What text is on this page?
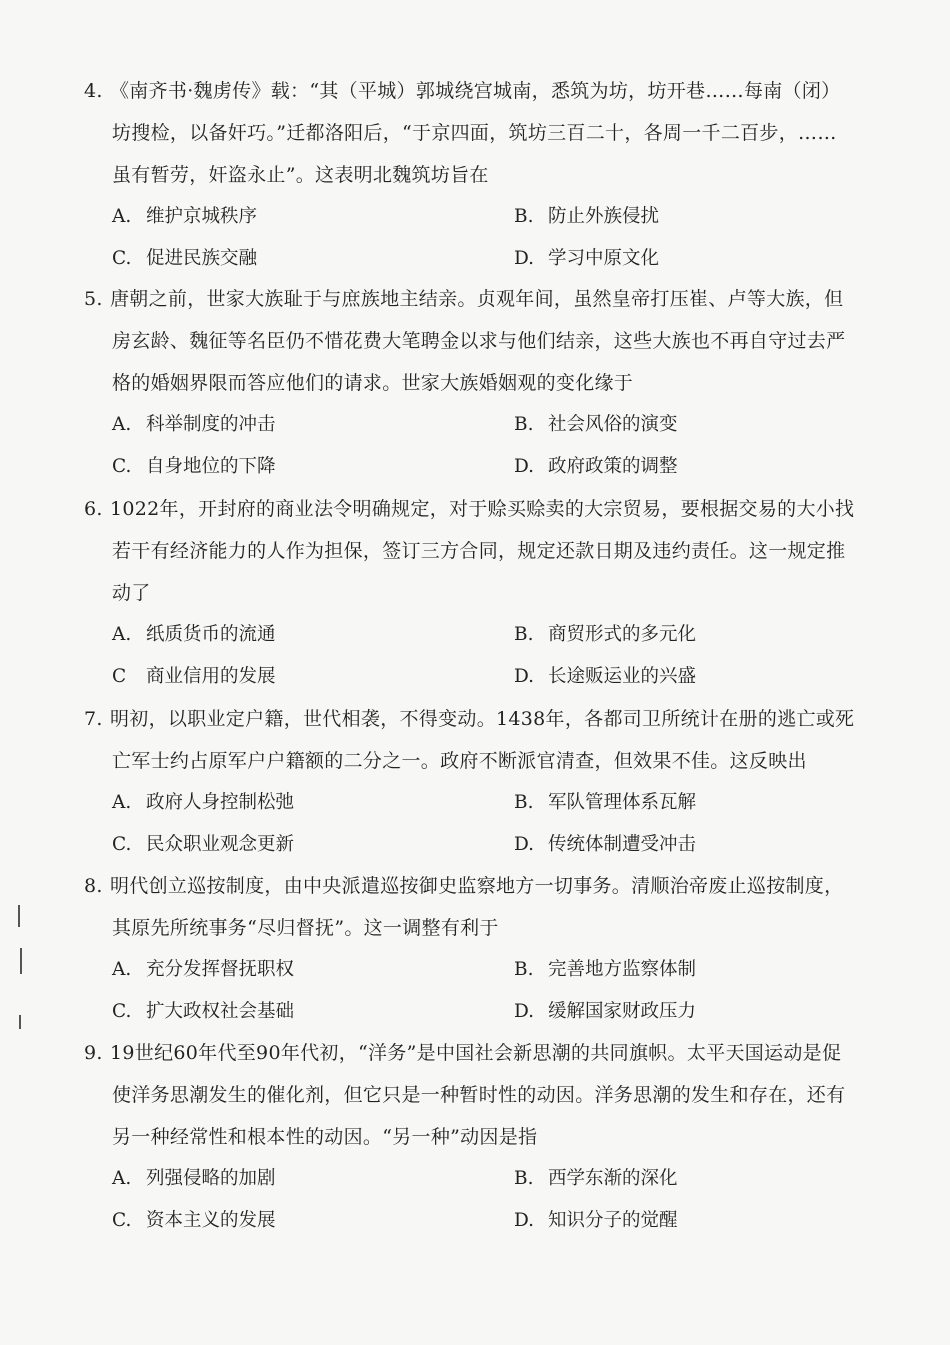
4. 《南齐书·魏虏传》载：“其（平城）郭城绕宫城南，悉筑为坊，坊开巷……每南（闭）
坊搜检，以备奸巧。”迁都洛阳后，“于京四面，筑坊三百二十，各周一千二百步，……
虽有暂劳，奸盗永止”。这表明北魏筑坊旨在
A. 维护京城秩序	B. 防止外族侵扰
C. 促进民族交融	D. 学习中原文化
5. 唐朝之前，世家大族耻于与庶族地主结亲。贞观年间，虽然皇帝打压崔、卢等大族，但
房玄龄、魏征等名臣仍不惜花费大笔聘金以求与他们结亲，这些大族也不再自守过去严
格的婚姻界限而答应他们的请求。世家大族婚姻观的变化缘于
A. 科举制度的冲击	B. 社会风俗的演变
C. 自身地位的下降	D. 政府政策的调整
6. 1022年，开封府的商业法令明确规定，对于赊买赊卖的大宗贸易，要根据交易的大小找
若干有经济能力的人作为担保，签订三方合同，规定还款日期及违约责任。这一规定推
动了
A. 纸质货币的流通	B. 商贸形式的多元化
C 商业信用的发展	D. 长途贩运业的兴盛
7. 明初，以职业定户籍，世代相袭，不得变动。1438年，各都司卫所统计在册的逃亡或死
亡军士约占原军户户籍额的二分之一。政府不断派官清查，但效果不佳。这反映出
A. 政府人身控制松弛	B. 军队管理体系瓦解
C. 民众职业观念更新	D. 传统体制遭受冲击
8. 明代创立巡按制度，由中央派遣巡按御史监察地方一切事务。清顺治帝废止巡按制度，
其原先所统事务“尽归督抚”。这一调整有利于
A. 充分发挥督抚职权	B. 完善地方监察体制
C. 扩大政权社会基础	D. 缓解国家财政压力
9. 19世纪60年代至90年代初，“洋务”是中国社会新思潮的共同旗帜。太平天国运动是促
使洋务思潮发生的催化剂，但它只是一种暂时性的动因。洋务思潮的发生和存在，还有
另一种经常性和根本性的动因。“另一种”动因是指
A. 列强侵略的加剧	B. 西学东渐的深化
C. 资本主义的发展	D. 知识分子的觉醒
